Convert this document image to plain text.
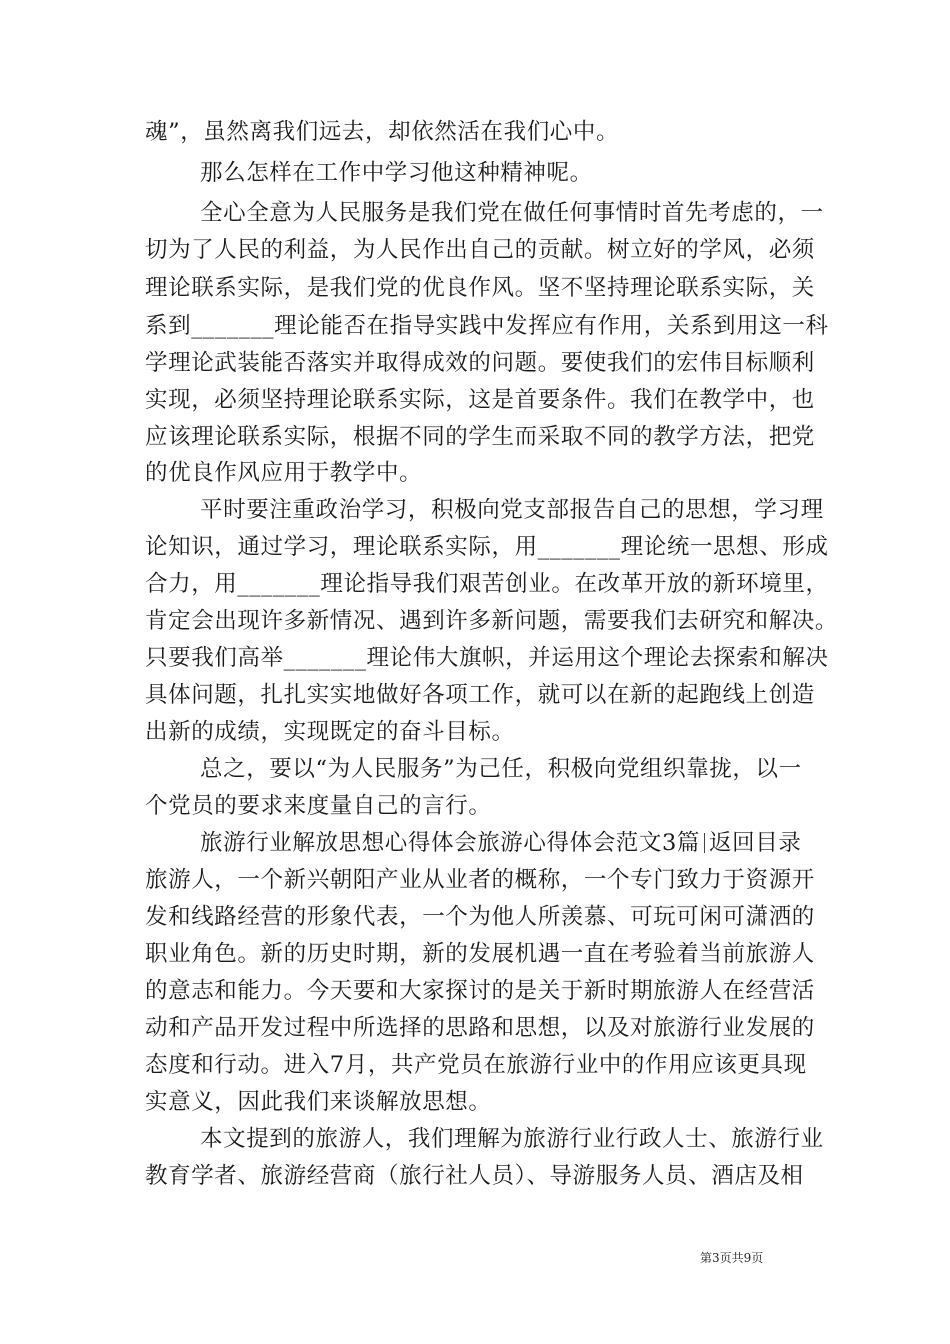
魂”，虽然离我们远去，却依然活在我们心中。
那么怎样在工作中学习他这种精神呢。
全心全意为人民服务是我们党在做任何事情时首先考虑的，一
切为了人民的利益，为人民作出自己的贡献。树立好的学风，必须
理论联系实际，是我们党的优良作风。坚不坚持理论联系实际，关
系到_______理论能否在指导实践中发挥应有作用，关系到用这一科
学理论武装能否落实并取得成效的问题。要使我们的宏伟目标顺利
实现，必须坚持理论联系实际，这是首要条件。我们在教学中，也
应该理论联系实际，根据不同的学生而采取不同的教学方法，把党
的优良作风应用于教学中。
平时要注重政治学习，积极向党支部报告自己的思想，学习理
论知识，通过学习，理论联系实际，用_______理论统一思想、形成
合力，用_______理论指导我们艰苦创业。在改革开放的新环境里，
肯定会出现许多新情况、遇到许多新问题，需要我们去研究和解决。
只要我们高举_______理论伟大旗帜，并运用这个理论去探索和解决
具体问题，扎扎实实地做好各项工作，就可以在新的起跑线上创造
出新的成绩，实现既定的奋斗目标。
总之，要以“为人民服务”为己任，积极向党组织靠拢，以一
个党员的要求来度量自己的言行。
旅游行业解放思想心得体会旅游心得体会范文3篇 返回目录
旅游人，一个新兴朝阳产业从业者的概称，一个专门致力于资源开
发和线路经营的形象代表，一个为他人所羡慕、可玩可闲可潇洒的
职业角色。新的历史时期，新的发展机遇一直在考验着当前旅游人
的意志和能力。今天要和大家探讨的是关于新时期旅游人在经营活
动和产品开发过程中所选择的思路和思想，以及对旅游行业发展的
态度和行动。进入7月，共产党员在旅游行业中的作用应该更具现
实意义，因此我们来谈解放思想。
本文提到的旅游人，我们理解为旅游行业行政人士、旅游行业
教育学者、旅游经营商（旅行社人员）、导游服务人员、酒店及相
第3页共9页
